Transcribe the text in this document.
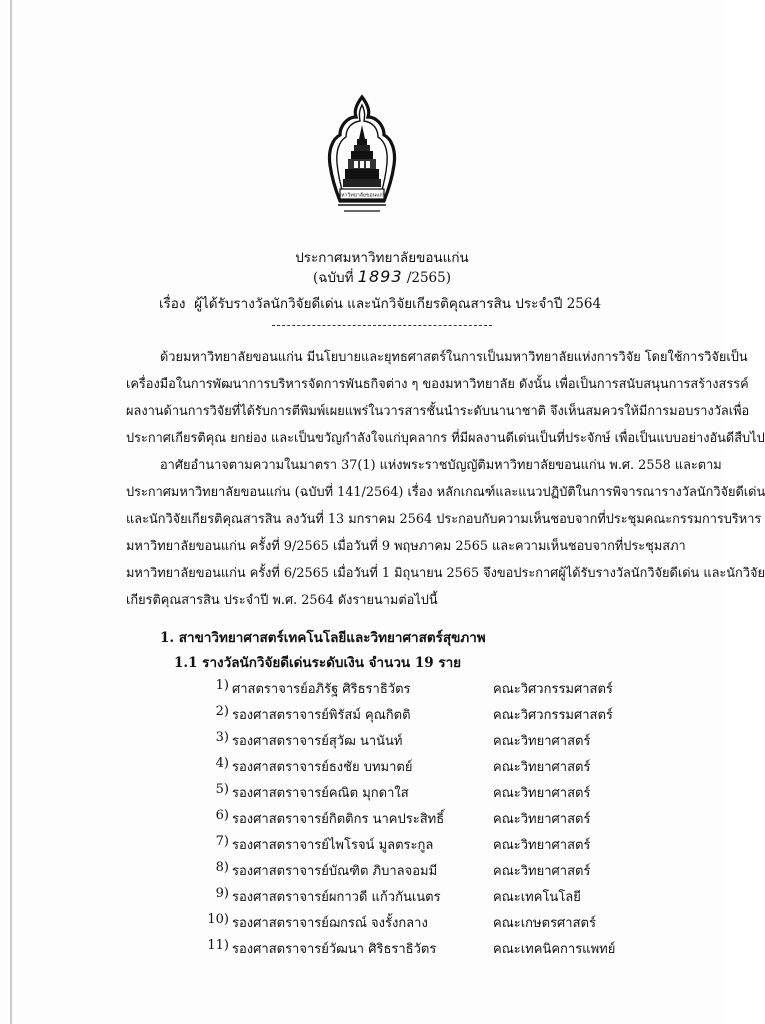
มหาวิทยาลัยขอนแก่น
ประกาศมหาวิทยาลัยขอนแก่น
(ฉบับที่ 1893 /2565)
เรื่อง ผู้ได้รับรางวัลนักวิจัยดีเด่น และนักวิจัยเกียรติคุณสารสิน ประจำปี 2564
ด้วยมหาวิทยาลัยขอนแก่น มีนโยบายและยุทธศาสตร์ในการเป็นมหาวิทยาลัยแห่งการวิจัย โดยใช้การวิจัยเป็น
เครื่องมือในการพัฒนาการบริหารจัดการพันธกิจต่าง ๆ ของมหาวิทยาลัย ดังนั้น เพื่อเป็นการสนับสนุนการสร้างสรรค์
ผลงานด้านการวิจัยที่ได้รับการตีพิมพ์เผยแพร่ในวารสารชั้นนำระดับนานาชาติ จึงเห็นสมควรให้มีการมอบรางวัลเพื่อ
ประกาศเกียรติคุณ ยกย่อง และเป็นขวัญกำลังใจแก่บุคลากร ที่มีผลงานดีเด่นเป็นที่ประจักษ์ เพื่อเป็นแบบอย่างอันดีสืบไป
อาศัยอำนาจตามความในมาตรา 37(1) แห่งพระราชบัญญัติมหาวิทยาลัยขอนแก่น พ.ศ. 2558 และตาม
ประกาศมหาวิทยาลัยขอนแก่น (ฉบับที่ 141/2564) เรื่อง หลักเกณฑ์และแนวปฏิบัติในการพิจารณารางวัลนักวิจัยดีเด่น
และนักวิจัยเกียรติคุณสารสิน ลงวันที่ 13 มกราคม 2564 ประกอบกับความเห็นชอบจากที่ประชุมคณะกรรมการบริหาร
มหาวิทยาลัยขอนแก่น ครั้งที่ 9/2565 เมื่อวันที่ 9 พฤษภาคม 2565 และความเห็นชอบจากที่ประชุมสภา
มหาวิทยาลัยขอนแก่น ครั้งที่ 6/2565 เมื่อวันที่ 1 มิถุนายน 2565 จึงขอประกาศผู้ได้รับรางวัลนักวิจัยดีเด่น และนักวิจัย
เกียรติคุณสารสิน ประจำปี พ.ศ. 2564 ดังรายนามต่อไปนี้
1. สาขาวิทยาศาสตร์เทคโนโลยีและวิทยาศาสตร์สุขภาพ
1.1 รางวัลนักวิจัยดีเด่นระดับเงิน จำนวน 19 ราย
1) ศาสตราจารย์อภิรัฐ ศิริธราธิวัตร	คณะวิศวกรรมศาสตร์
2) รองศาสตราจารย์พิรัสม์ คุณกิตติ	คณะวิศวกรรมศาสตร์
3) รองศาสตราจารย์สุวัฒ นานันท์	คณะวิทยาศาสตร์
4) รองศาสตราจารย์ธงชัย บทมาตย์	คณะวิทยาศาสตร์
5) รองศาสตราจารย์คณิต มุกดาใส	คณะวิทยาศาสตร์
6) รองศาสตราจารย์กิตติกร นาคประสิทธิ์	คณะวิทยาศาสตร์
7) รองศาสตราจารย์ไพโรจน์ มูลตระกูล	คณะวิทยาศาสตร์
8) รองศาสตราจารย์บัณฑิต ภิบาลจอมมี	คณะวิทยาศาสตร์
9) รองศาสตราจารย์ผกาวดี แก้วกันเนตร	คณะเทคโนโลยี
10) รองศาสตราจารย์ฌกรณ์ จงรั้งกลาง	คณะเกษตรศาสตร์
11) รองศาสตราจารย์วัฒนา ศิริธราธิวัตร	คณะเทคนิคการแพทย์
